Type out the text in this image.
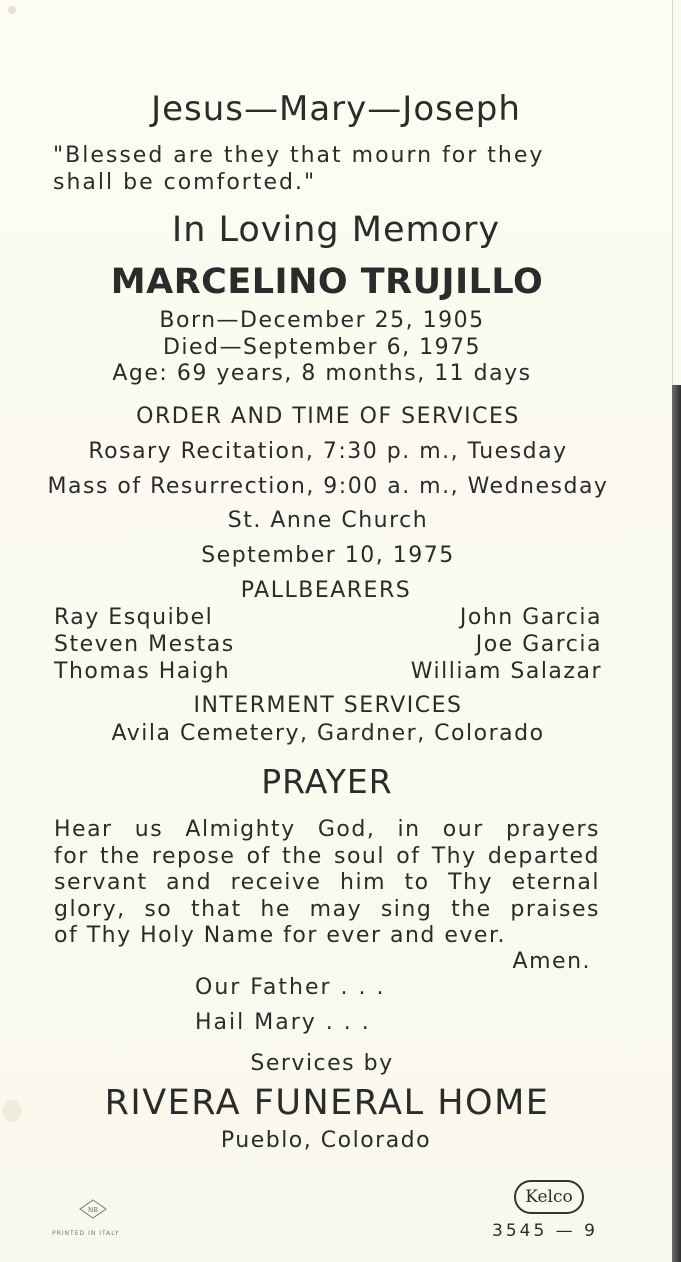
Jesus—Mary—Joseph
"Blessed are they that mourn for they
shall be comforted."
In Loving Memory
MARCELINO TRUJILLO
Born—December 25, 1905
Died—September 6, 1975
Age: 69 years, 8 months, 11 days
ORDER AND TIME OF SERVICES
Rosary Recitation, 7:30 p. m., Tuesday
Mass of Resurrection, 9:00 a. m., Wednesday
St. Anne Church
September 10, 1975
PALLBEARERS
Ray Esquibel
Steven Mestas
Thomas Haigh
John Garcia
Joe Garcia
William Salazar
INTERMENT SERVICES
Avila Cemetery, Gardner, Colorado
PRAYER
Hear us Almighty God, in our prayers
for the repose of the soul of Thy departed
servant and receive him to Thy eternal
glory, so that he may sing the praises
of Thy Holy Name for ever and ever.
Amen.
Our Father . . .
Hail Mary . . .
Services by
RIVERA FUNERAL HOME
Pueblo, Colorado
NB
PRINTED IN ITALY
Kelco
3545 — 9
